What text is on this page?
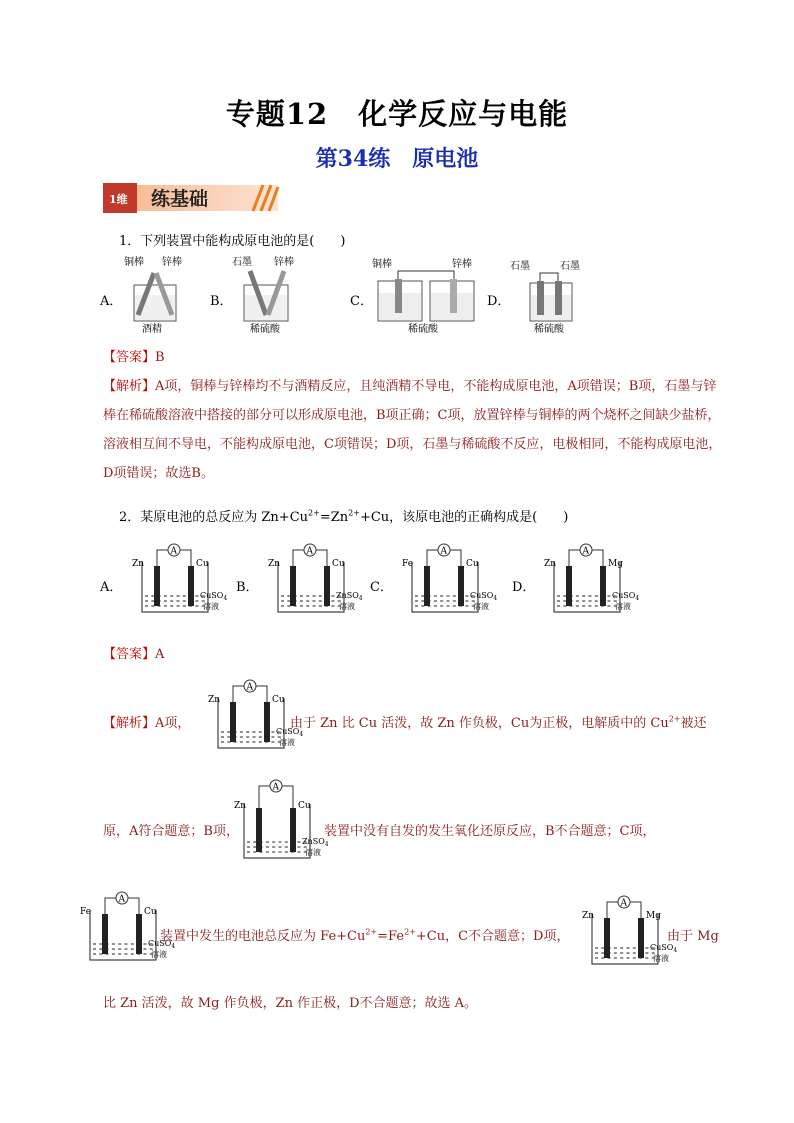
专题12 化学反应与电能
第34练 原电池
1维 练基础
1．下列装置中能构成原电池的是(　　)
A．
铜棒 锌棒
酒精
B．
石墨 锌棒
稀硫酸
C．
铜棒	锌棒
稀硫酸
D．
石墨	石墨
稀硫酸
【答案】B
【解析】A项，铜棒与锌棒均不与酒精反应，且纯酒精不导电，不能构成原电池，A项错误；B项，石墨与锌棒在稀硫酸溶液中搭接的部分可以形成原电池，B项正确；C项，放置锌棒与铜棒的两个烧杯之间缺少盐桥，溶液相互间不导电，不能构成原电池，C项错误；D项，石墨与稀硫酸不反应，电极相同，不能构成原电池，D项错误；故选B。
2．某原电池的总反应为 $Zn+Cu^{2+}=Zn^{2+}+Cu$，该原电池的正确构成是(　　)
A．
A
Zn	Cu
CuSO$_4$
溶液
B．
A
Zn	Cu
ZnSO$_4$
溶液
C．
A
Fe	Cu
CuSO$_4$
溶液
D．
A
Zn	Mg
CuSO$_4$
溶液
【答案】A
【解析】A项，
A
Zn	Cu
CuSO$_4$
溶液
由于 Zn 比 Cu 活泼，故 Zn 作负极，Cu为正极，电解质中的 $Cu^{2+}$被还
原，A符合题意；B项，
A
Zn	Cu
ZnSO$_4$
溶液
装置中没有自发的发生氧化还原反应，B不合题意；C项，
A
Fe	Cu
CuSO$_4$
溶液
装置中发生的电池总反应为 $Fe+Cu^{2+}=Fe^{2+}+Cu$，C不合题意；D项，
A
Zn	Mg
CuSO$_4$
溶液
由于 Mg
比 Zn 活泼，故 Mg 作负极，Zn 作正极，D不合题意；故选 A。
